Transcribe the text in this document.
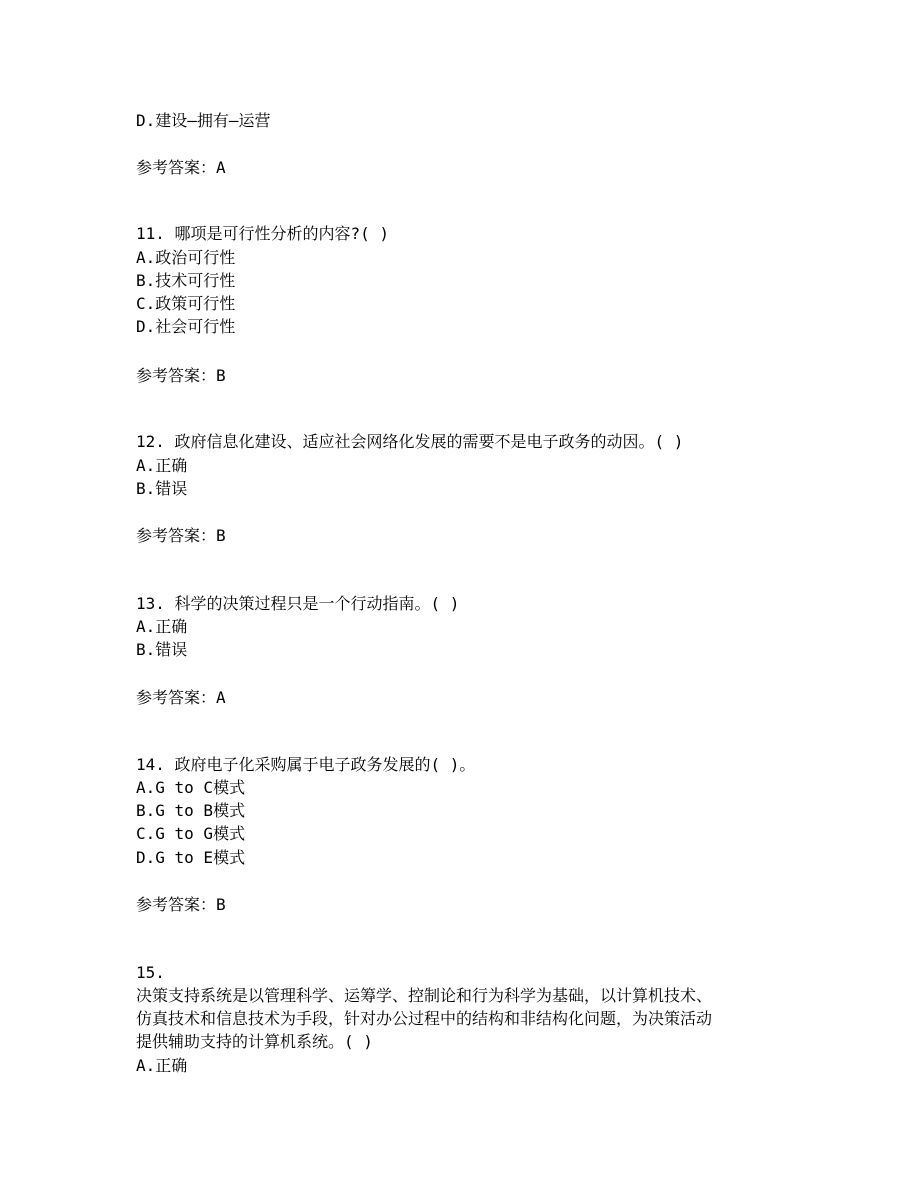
D.建设—拥有—运营
参考答案：A
11. 哪项是可行性分析的内容?( )
A.政治可行性
B.技术可行性
C.政策可行性
D.社会可行性
参考答案：B
12. 政府信息化建设、适应社会网络化发展的需要不是电子政务的动因。( )
A.正确
B.错误
参考答案：B
13. 科学的决策过程只是一个行动指南。( )
A.正确
B.错误
参考答案：A
14. 政府电子化采购属于电子政务发展的( )。
A.G to C模式
B.G to B模式
C.G to G模式
D.G to E模式
参考答案：B
15.
决策支持系统是以管理科学、运筹学、控制论和行为科学为基础，以计算机技术、
仿真技术和信息技术为手段，针对办公过程中的结构和非结构化问题，为决策活动
提供辅助支持的计算机系统。( )
A.正确
